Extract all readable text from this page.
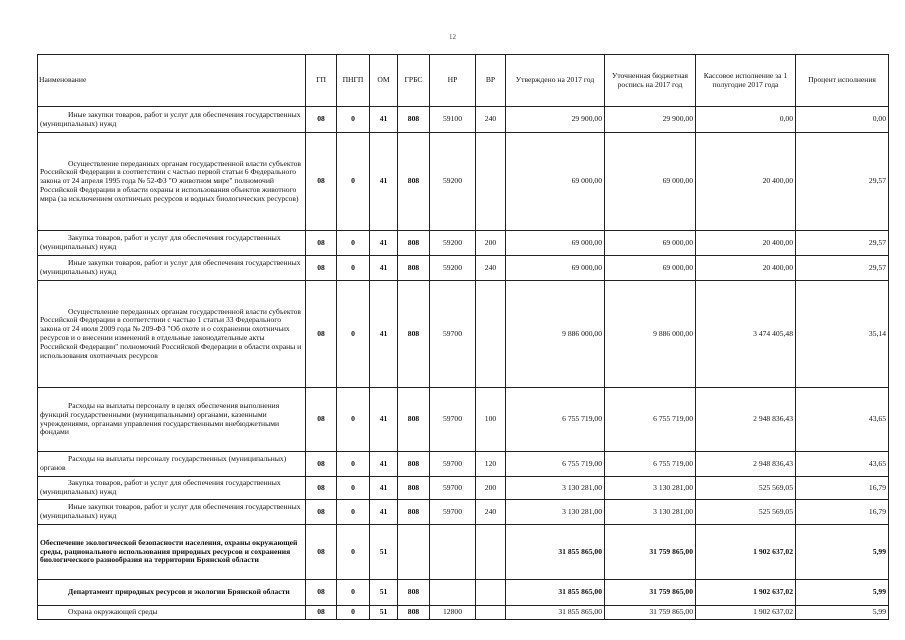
12
Наименование	ГП	ПНГП	ОМ	ГРБС	НР	ВР	Утверждено на 2017 год	Уточненная бюджетная роспись на 2017 год	Кассовое исполнение за 1 полугодие 2017 года	Процент исполнения
Иные закупки товаров, работ и услуг для обеспечения государственных (муниципальных) нужд	08	0	41	808	59100	240	29 900,00	29 900,00	0,00	0,00
Осуществление переданных органам государственной власти субъектов Российской Федерации в соответствии с частью первой статьи 6 Федерального закона от 24 апреля 1995 года № 52-ФЗ "О животном мире" полномочий Российской Федерации в области охраны и использования объектов животного мира (за исключением охотничьих ресурсов и водных биологических ресурсов)	08	0	41	808	59200		69 000,00	69 000,00	20 400,00	29,57
Закупка товаров, работ и услуг для обеспечения государственных (муниципальных) нужд	08	0	41	808	59200	200	69 000,00	69 000,00	20 400,00	29,57
Иные закупки товаров, работ и услуг для обеспечения государственных (муниципальных) нужд	08	0	41	808	59200	240	69 000,00	69 000,00	20 400,00	29,57
Осуществление переданных органам государственной власти субъектов Российской Федерации в соответствии с частью 1 статьи 33 Федерального закона от 24 июля 2009 года № 209-ФЗ "Об охоте и о сохранении охотничьих ресурсов и о внесении изменений в отдельные законодательные акты Российской Федерации" полномочий Российской Федерации в области охраны и использования охотничьих ресурсов	08	0	41	808	59700		9 886 000,00	9 886 000,00	3 474 405,48	35,14
Расходы на выплаты персоналу в целях обеспечения выполнения функций государственными (муниципальными) органами, казенными учреждениями, органами управления государственными внебюджетными фондами	08	0	41	808	59700	100	6 755 719,00	6 755 719,00	2 948 836,43	43,65
Расходы на выплаты персоналу государственных (муниципальных) органов	08	0	41	808	59700	120	6 755 719,00	6 755 719,00	2 948 836,43	43,65
Закупка товаров, работ и услуг для обеспечения государственных (муниципальных) нужд	08	0	41	808	59700	200	3 130 281,00	3 130 281,00	525 569,05	16,79
Иные закупки товаров, работ и услуг для обеспечения государственных (муниципальных) нужд	08	0	41	808	59700	240	3 130 281,00	3 130 281,00	525 569,05	16,79
Обеспечение экологической безопасности населения, охраны окружающей среды, рационального использования природных ресурсов и сохранения биологического разнообразия на территории Брянской области	08	0	51				31 855 865,00	31 759 865,00	1 902 637,02	5,99
Департамент природных ресурсов и экологии Брянской области	08	0	51	808			31 855 865,00	31 759 865,00	1 902 637,02	5,99
Охрана окружающей среды	08	0	51	808	12800		31 855 865,00	31 759 865,00	1 902 637,02	5,99
